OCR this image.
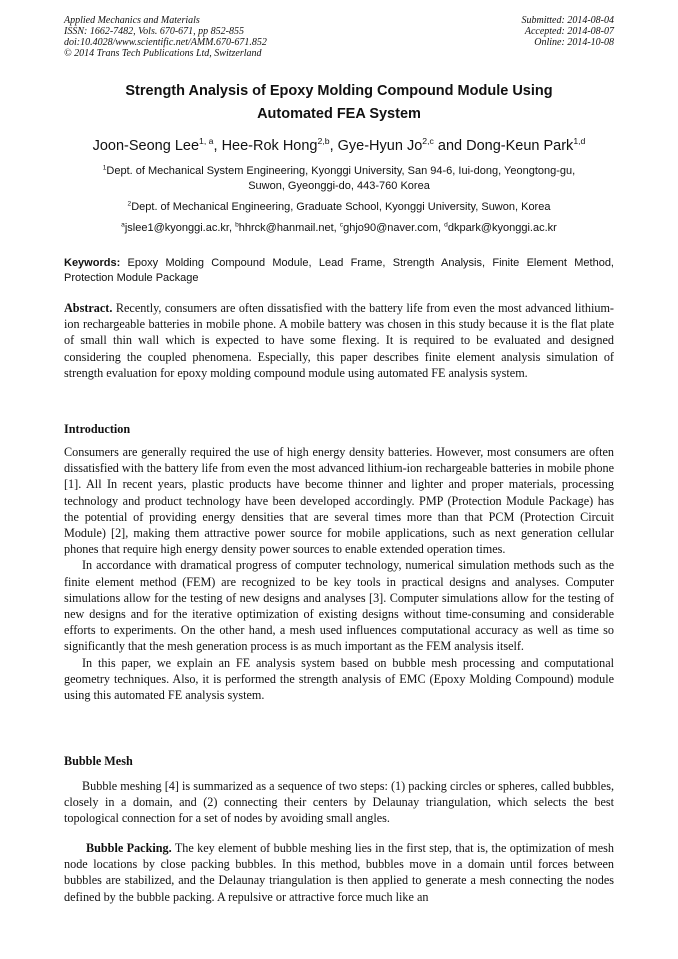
Applied Mechanics and Materials
ISSN: 1662-7482, Vols. 670-671, pp 852-855
doi:10.4028/www.scientific.net/AMM.670-671.852
© 2014 Trans Tech Publications Ltd, Switzerland
Submitted: 2014-08-04
Accepted: 2014-08-07
Online: 2014-10-08
Strength Analysis of Epoxy Molding Compound Module Using
Automated FEA System
Joon-Seong Lee$^{1, a}$, Hee-Rok Hong$^{2,b}$, Gye-Hyun Jo$^{2,c}$ and Dong-Keun Park$^{1,d}$
$^1$Dept. of Mechanical System Engineering, Kyonggi University, San 94-6, Iui-dong, Yeongtong-gu,
Suwon, Gyeonggi-do, 443-760 Korea
$^2$Dept. of Mechanical Engineering, Graduate School, Kyonggi University, Suwon, Korea
$^a$jslee1@kyonggi.ac.kr, $^b$hhrck@hanmail.net, $^c$ghjo90@naver.com, $^d$dkpark@kyonggi.ac.kr
Keywords: Epoxy Molding Compound Module, Lead Frame, Strength Analysis, Finite Element Method, Protection Module Package

Abstract. Recently, consumers are often dissatisfied with the battery life from even the most advanced lithium-ion rechargeable batteries in mobile phone. A mobile battery was chosen in this study because it is the flat plate of small thin wall which is expected to have some flexing. It is required to be evaluated and designed considering the coupled phenomena. Especially, this paper describes finite element analysis simulation of strength evaluation for epoxy molding compound module using automated FE analysis system.

Introduction

Consumers are generally required the use of high energy density batteries. However, most consumers are often dissatisfied with the battery life from even the most advanced lithium-ion rechargeable batteries in mobile phone [1]. All In recent years, plastic products have become thinner and lighter and proper materials, processing technology and product technology have been developed accordingly. PMP (Protection Module Package) has the potential of providing energy densities that are several times more than that PCM (Protection Circuit Module) [2], making them attractive power source for mobile applications, such as next generation cellular phones that require high energy density power sources to enable extended operation times.

In accordance with dramatical progress of computer technology, numerical simulation methods such as the finite element method (FEM) are recognized to be key tools in practical designs and analyses. Computer simulations allow for the testing of new designs and analyses [3]. Computer simulations allow for the testing of new designs and for the iterative optimization of existing designs without time-consuming and considerable efforts to experiments. On the other hand, a mesh used influences computational accuracy as well as time so significantly that the mesh generation process is as much important as the FEM analysis itself.

In this paper, we explain an FE analysis system based on bubble mesh processing and computational geometry techniques. Also, it is performed the strength analysis of EMC (Epoxy Molding Compound) module using this automated FE analysis system.

Bubble Mesh

Bubble meshing [4] is summarized as a sequence of two steps: (1) packing circles or spheres, called bubbles, closely in a domain, and (2) connecting their centers by Delaunay triangulation, which selects the best topological connection for a set of nodes by avoiding small angles.

Bubble Packing. The key element of bubble meshing lies in the first step, that is, the optimization of mesh node locations by close packing bubbles. In this method, bubbles move in a domain until forces between bubbles are stabilized, and the Delaunay triangulation is then applied to generate a mesh connecting the nodes defined by the bubble packing. A repulsive or attractive force much like an
